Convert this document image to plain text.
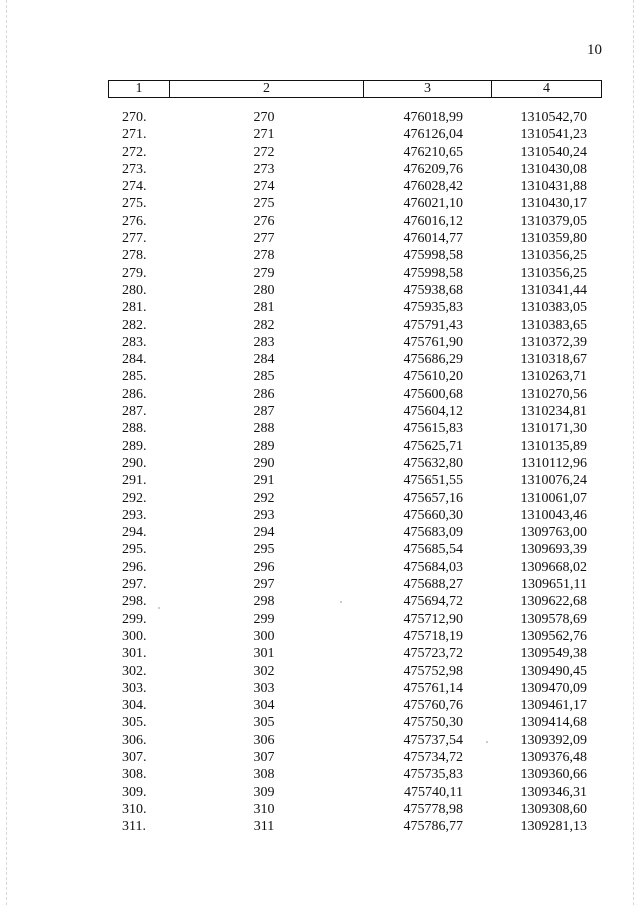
10
1	2	3	4
270.	270	476018,99	1310542,70
271.	271	476126,04	1310541,23
272.	272	476210,65	1310540,24
273.	273	476209,76	1310430,08
274.	274	476028,42	1310431,88
275.	275	476021,10	1310430,17
276.	276	476016,12	1310379,05
277.	277	476014,77	1310359,80
278.	278	475998,58	1310356,25
279.	279	475998,58	1310356,25
280.	280	475938,68	1310341,44
281.	281	475935,83	1310383,05
282.	282	475791,43	1310383,65
283.	283	475761,90	1310372,39
284.	284	475686,29	1310318,67
285.	285	475610,20	1310263,71
286.	286	475600,68	1310270,56
287.	287	475604,12	1310234,81
288.	288	475615,83	1310171,30
289.	289	475625,71	1310135,89
290.	290	475632,80	1310112,96
291.	291	475651,55	1310076,24
292.	292	475657,16	1310061,07
293.	293	475660,30	1310043,46
294.	294	475683,09	1309763,00
295.	295	475685,54	1309693,39
296.	296	475684,03	1309668,02
297.	297	475688,27	1309651,11
298.	298	475694,72	1309622,68
299.	299	475712,90	1309578,69
300.	300	475718,19	1309562,76
301.	301	475723,72	1309549,38
302.	302	475752,98	1309490,45
303.	303	475761,14	1309470,09
304.	304	475760,76	1309461,17
305.	305	475750,30	1309414,68
306.	306	475737,54	1309392,09
307.	307	475734,72	1309376,48
308.	308	475735,83	1309360,66
309.	309	475740,11	1309346,31
310.	310	475778,98	1309308,60
311.	311	475786,77	1309281,13
